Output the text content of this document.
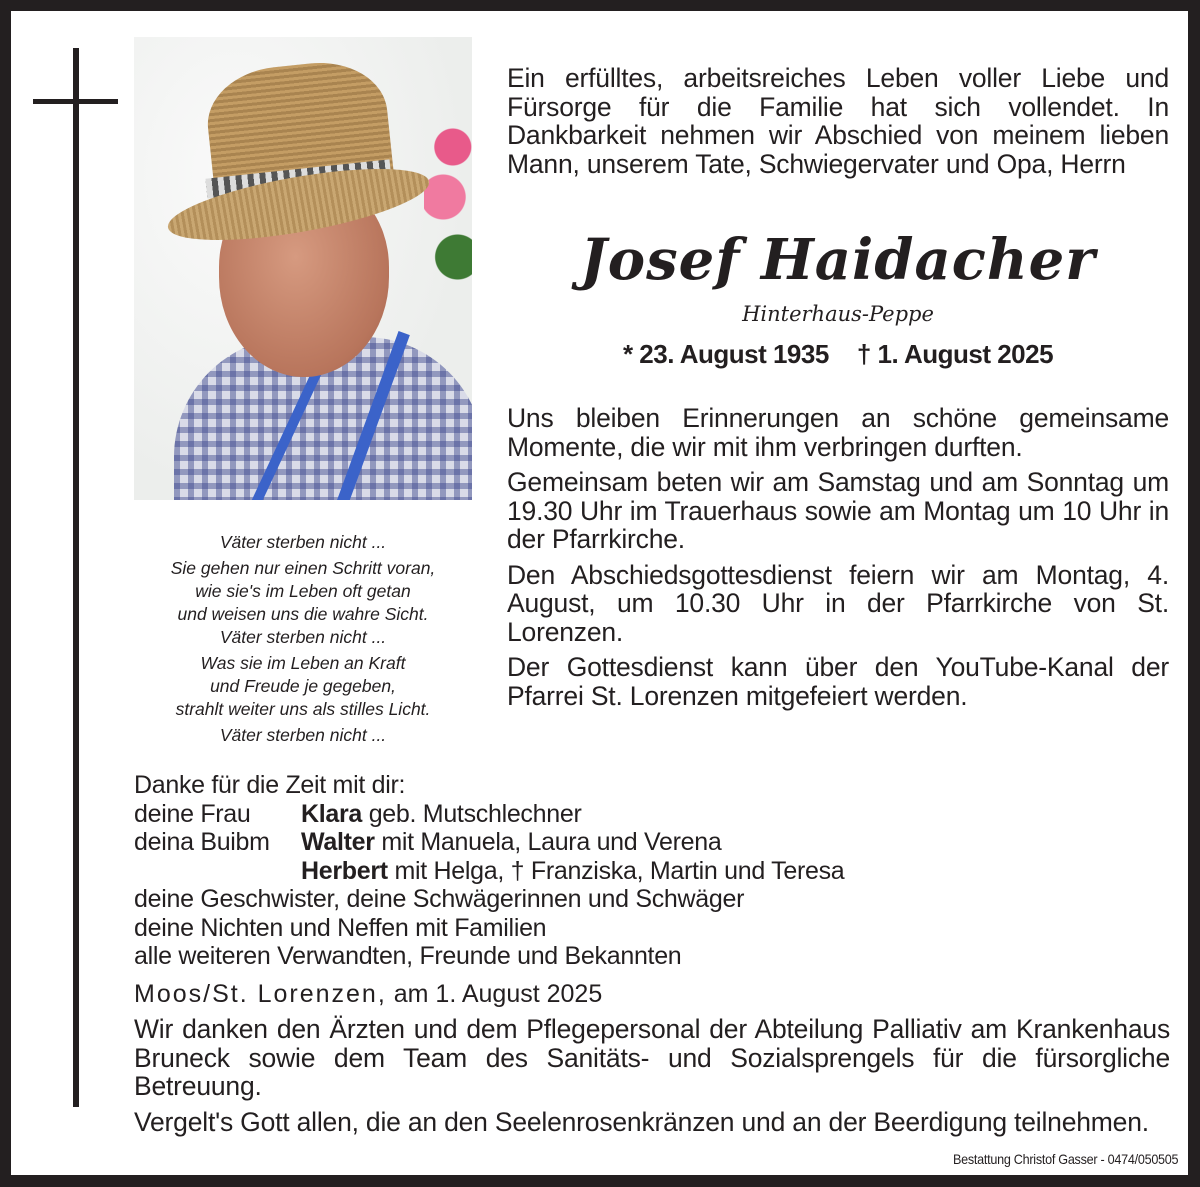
Ein erfülltes, arbeitsreiches Leben voller Liebe und Fürsorge für die Familie hat sich vollendet. In Dankbarkeit nehmen wir Abschied von meinem lieben Mann, unserem Tate, Schwiegervater und Opa, Herrn
Josef Haidacher
Hinterhaus-Peppe
* 23. August 1935 † 1. August 2025

Uns bleiben Erinnerungen an schöne gemeinsame Momente, die wir mit ihm verbringen durften.

Gemeinsam beten wir am Samstag und am Sonntag um 19.30 Uhr im Trauerhaus sowie am Montag um 10 Uhr in der Pfarrkirche.

Den Abschiedsgottesdienst feiern wir am Montag, 4. August, um 10.30 Uhr in der Pfarrkirche von St. Lorenzen.

Der Gottesdienst kann über den YouTube-Kanal der Pfarrei St. Lorenzen mitgefeiert werden.

Väter sterben nicht ...

Sie gehen nur einen Schritt voran,
wie sie's im Leben oft getan
und weisen uns die wahre Sicht.
Väter sterben nicht ...

Was sie im Leben an Kraft
und Freude je gegeben,
strahlt weiter uns als stilles Licht.

Väter sterben nicht ...

Danke für die Zeit mit dir:
deine Frau Klara geb. Mutschlechner
deina Buibm Walter mit Manuela, Laura und Verena
Herbert mit Helga, † Franziska, Martin und Teresa
deine Geschwister, deine Schwägerinnen und Schwäger
deine Nichten und Neffen mit Familien
alle weiteren Verwandten, Freunde und Bekannten
Moos/St. Lorenzen, am 1. August 2025

Wir danken den Ärzten und dem Pflegepersonal der Abteilung Palliativ am Krankenhaus Bruneck sowie dem Team des Sanitäts- und Sozialsprengels für die fürsorgliche Betreuung.

Vergelt's Gott allen, die an den Seelenrosenkränzen und an der Beerdigung teilnehmen.

Bestattung Christof Gasser - 0474/050505
